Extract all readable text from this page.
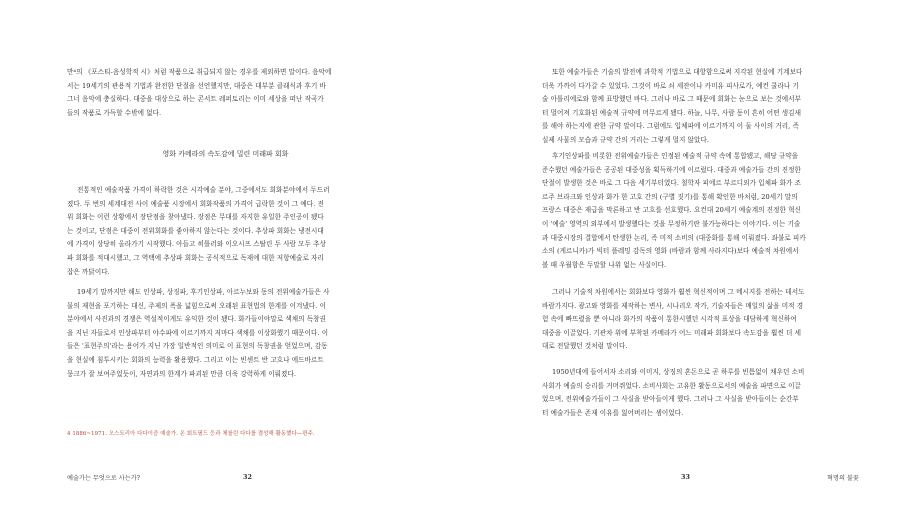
만⁴의 《포스티-음성학적 시》처럼 작품으로 취급되지 않는 경우를 제외하면 말이다. 음악에
서는 19세기의 관용적 기법과 완전한 단절을 선언했지만, 대중은 대부분 클래식과 후기 바
그너 음악에 충실하다. 대중을 대상으로 하는 콘서트 레퍼토리는 이미 세상을 떠난 작곡가
들의 작품로 가득할 수밖에 없다.
영화 카메라의 속도감에 밀린 미래파 회화
전통적인 예술작품 가격이 하락한 것은 시각예술 분야, 그중에서도 회화분야에서 두드러
졌다. 두 번의 세계대전 사이 예술품 시장에서 회화작품의 가격이 급락한 것이 그 예다. 전
위 회화는 이런 상황에서 장단점을 찾아냈다. 장점은 무대를 자지한 유일한 주인공이 됐다
는 것이고, 단점은 대중이 전위회화를 좋아하지 않는다는 것이다. 추상파 회화는 냉전시대
에 가격이 상당히 올라가기 시작했다. 아들고 히틀러와 이오시프 스탈린 두 사람 모두 추상
파 회화를 적대시했고, 그 역택에 추상파 회화는 공식적으로 독재에 대한 저항예술로 자리
잡은 까닭이다.
19세기 말까지만 해도 인상파, 상징파, 후기인상파, 아르누보와 동의 전위예술가들은 사
물의 재현을 포기하는 대신, 주제의 폭을 넓힘으로써 오래된 표현법의 한계를 이겨냈다. 이
분야에서 사진과의 경쟁은 역설적이게도 유익한 것이 됐다. 화가들이야말로 색채의 독창권
을 지닌 자들로서 인상파부터 야수파에 이르기까지 저마다 색채를 이상화했기 때문이다. 이
들은 '표현주의'라는 용어가 지닌 가장 일반적인 의미로 이 표현의 독창권을 얻었으며, 감동
을 현실에 침투시키는 회화의 능력을 활용했다. 그리고 이는 빈센트 반 고흐나 에드바르트
뭉크가 잘 보여주었듯이, 자연과의 한계가 파괴된 만큼 더욱 강력하게 이뤄졌다.
4 1886~1971. 오스트리아 다다이즘 예술가. 온 회트필드 등과 체를린 다다를 결성해 활동했다—편주.
예술가는 무엇으로 사는가?	32
또한 예술가들은 기술의 발전에 과학적 기법으로 대항함으로써 지각된 현실에 기계보다
더욱 가까이 다가갈 수 있었다. 그것이 바로 쇠 세잔이나 카미유 피사로가, 예컨 쿨라나 기
술 아틀리에로와 함께 표방했던 바다. 그러나 바로 그 때문에 회화는 눈으로 보는 것에서부
터 멀어져 기호화된 예술적 규약에 머무르게 됐다. 하늘, 나무, 사람 동이 흔히 어떤 생김새
를 해야 하는지에 관한 규약 말이다. 그럼에도 입체파에 이르기까지 이 둘 사이의 거리, 즉
실제 사물의 모습과 규약 간의 거리는 그렇게 멀지 않았다.
후기인상파를 비롯한 전위예술가들은 인정된 예술적 규약 속에 통합됐고, 해당 규약을
준수했던 예술가들은 공공된 대중성을 획득하기에 이르렀다. 대중과 예술가들 간의 진정한
단절이 발생한 것은 바로 그 다음 세기부터였다. 철학자 피에르 부르디외가 입체파 화가 조
르주 브라크와 인상과 화가 한 고호 간의 (구별 짓기)를 통해 확인한 바처럼, 20세기 말의
프랑스 대중은 재급을 막론하고 반 고흐를 선호했다. 요컨대 20세기 예술계의 진정한 혁신
이 '예술' 영역의 외부에서 발생했다는 것을 무정하기란 불가능하다는 이야기다. 이는 기술
과 대중시장의 결합에서 탄생한 논리, 즉 미적 소비의 (대중화를 통해 이뤄졌다. 좌불로 피카
소의 (게르니카)가 빅터 플레밍 감독의 영화 (바람과 함께 사라지다)보다 예술적 차원에서
볼 때 우월함은 두말할 나위 없는 사실이다.
그러나 기술적 차원에서는 회화보다 영화가 훨씬 혁신적이며 그 메시지를 전하는 데서도
바람가지다. 광고와 영화를 제작하는 변사, 시나리오 작가, 기술자들은 매일의 삶을 미적 경
험 속에 빠뜨렸을 뿐 아니라 화가의 작품이 통한시했던 시각적 표상을 대담하게 혁신하여
대중을 이끌었다. 기관차 위에 부착된 카메라가 어느 미래파 회화보다 속도감을 훨씬 더 세
대로 전달했던 것처럼 말이다.
1950년대에 들어서자 소리와 이미지, 상징의 혼돈으로 곧 하루를 빈틈없이 채우던 소비
사회가 예술의 승리를 거머쥐었다. 소비사회는 고유한 활동으로서의 예술을 파면으로 이끌
었으며, 전위예술가들이 그 사실을 받아들이게 했다. 그러나 그 사실을 받아들이는 순간부
터 예술가들은 존재 이유를 잃어버리는 셈이었다.
33	혁명의 불꽃
